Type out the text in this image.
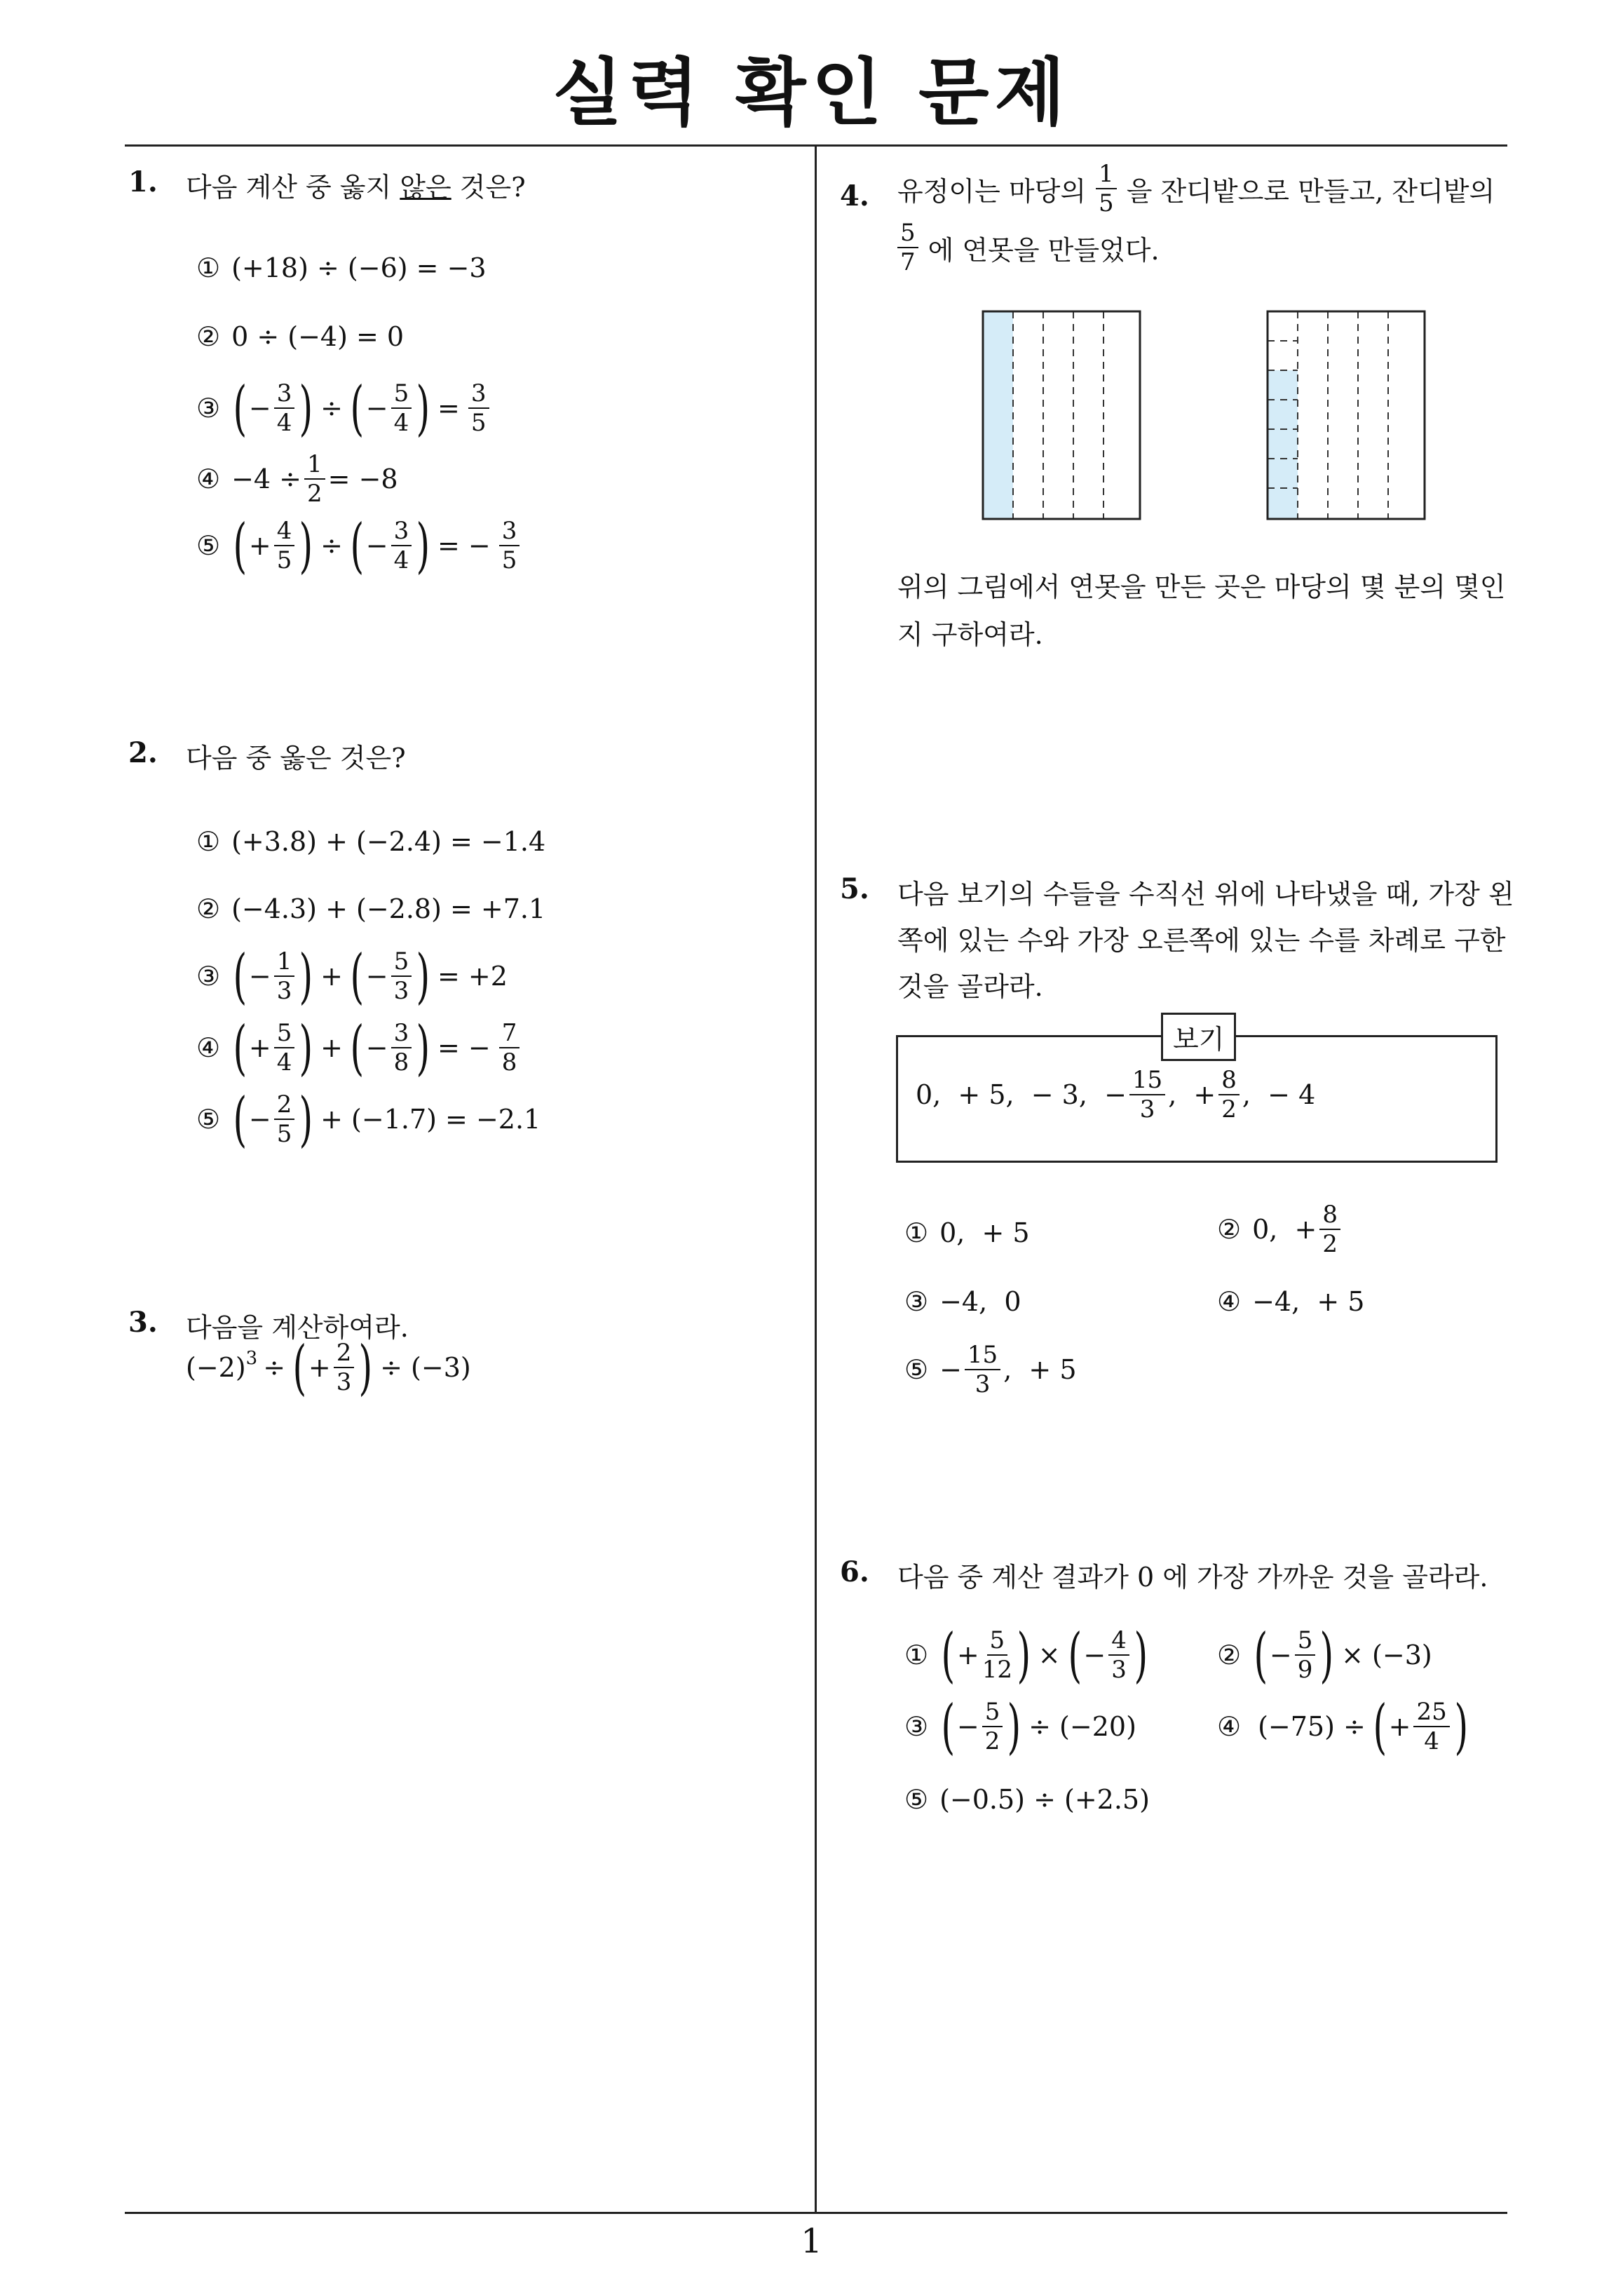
실력 확인 문제
1
1. 다음 계산 중 옳지 않은 것은?
① (+18) ÷ (−6) = −3
② 0 ÷ (−4) = 0
③ ( − $\frac{3}{4}$ ) ÷ ( − $\frac{5}{4}$ ) = $\frac{3}{5}$
④ $-4 \div \frac{1}{2} = -8$
⑤ ( + $\frac{4}{5}$ ) ÷ ( − $\frac{3}{4}$ ) = − $\frac{3}{5}$
2. 다음 중 옳은 것은?
① (+3.8) + (−2.4) = −1.4
② (−4.3) + (−2.8) = +7.1
③ ( − $\frac{1}{3}$ ) + ( − $\frac{5}{3}$ ) = +2
④ ( + $\frac{5}{4}$ ) + ( − $\frac{3}{8}$ ) = − $\frac{7}{8}$
⑤ ( − $\frac{2}{5}$ ) + (−1.7) = −2.1
3. 다음을 계산하여라.
$(-2)^3$ ÷ ( + $\frac{2}{3}$ ) ÷ (−3)
4. 유정이는 마당의 $\frac{1}{5}$ 을 잔디밭으로 만들고, 잔디밭의
$\frac{5}{7}$ 에 연못을 만들었다.
위의 그림에서 연못을 만든 곳은 마당의 몇 분의 몇인
지 구하여라.
5. 다음 보기의 수들을 수직선 위에 나타냈을 때, 가장 왼
쪽에 있는 수와 가장 오른쪽에 있는 수를 차례로 구한
것을 골라라.
보기
0,  + 5,  − 3,  − $\frac{15}{3}$ ,  + $\frac{8}{2}$ ,  − 4
① 0,  + 5	② 0,  + $\frac{8}{2}$
③ −4,  0	④ −4,  + 5
⑤ − $\frac{15}{3}$ ,  + 5
6. 다음 중 계산 결과가 0 에 가장 가까운 것을 골라라.
① ( + $\frac{5}{12}$ ) × ( − $\frac{4}{3}$ )	② ( − $\frac{5}{9}$ ) × (−3)
③ ( − $\frac{5}{2}$ ) ÷ (−20)	④ (−75) ÷ ( + $\frac{25}{4}$ )
⑤ (−0.5) ÷ (+2.5)
